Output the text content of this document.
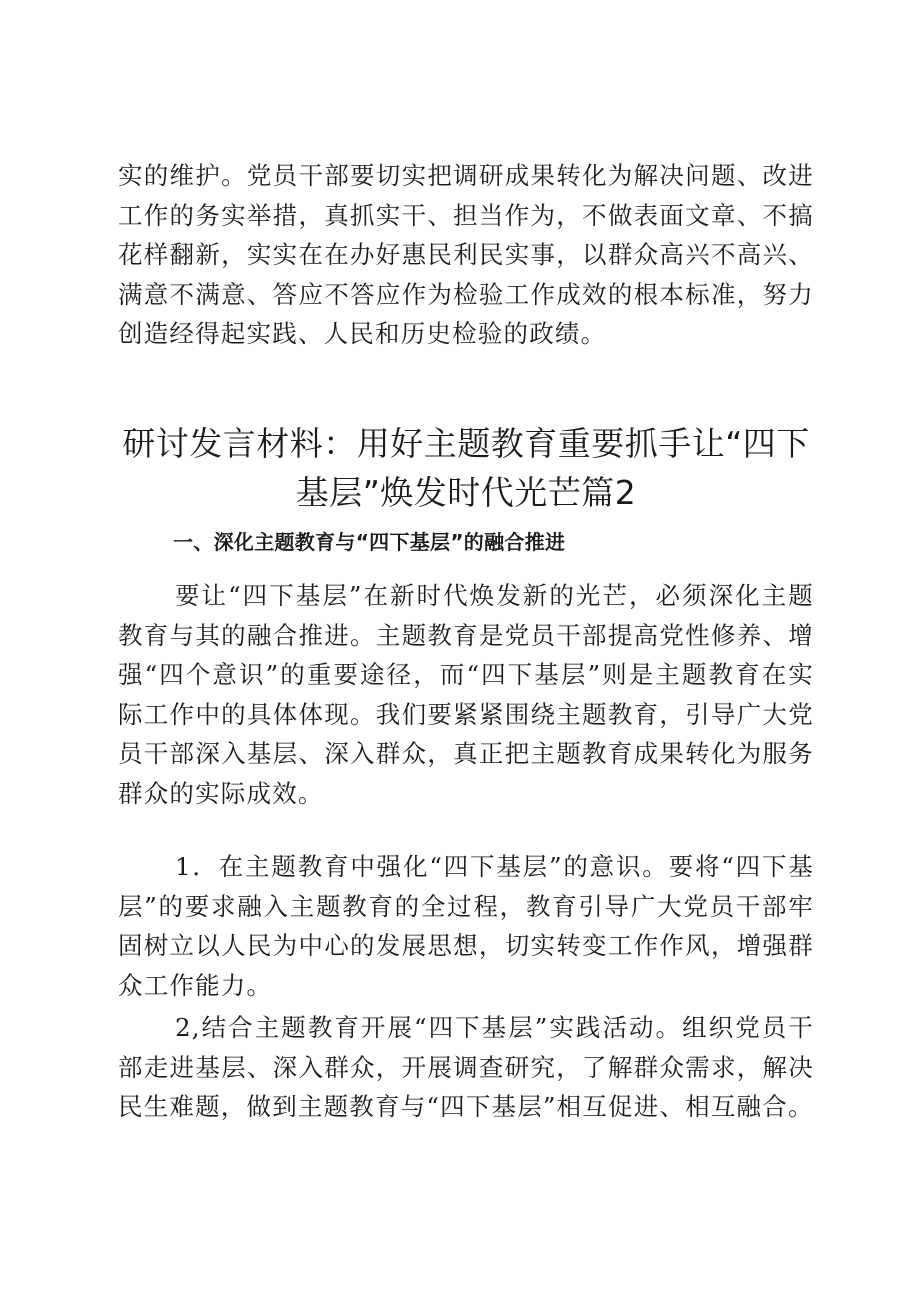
实的维护。党员干部要切实把调研成果转化为解决问题、改进工作的务实举措，真抓实干、担当作为，不做表面文章、不搞花样翻新，实实在在办好惠民利民实事，以群众高兴不高兴、满意不满意、答应不答应作为检验工作成效的根本标准，努力创造经得起实践、人民和历史检验的政绩。

研讨发言材料：用好主题教育重要抓手让“四下基层”焕发时代光芒篇2
一、深化主题教育与“四下基层”的融合推进

要让“四下基层”在新时代焕发新的光芒，必须深化主题教育与其的融合推进。主题教育是党员干部提高党性修养、增强“四个意识”的重要途径，而“四下基层”则是主题教育在实际工作中的具体体现。我们要紧紧围绕主题教育，引导广大党员干部深入基层、深入群众，真正把主题教育成果转化为服务群众的实际成效。

1．在主题教育中强化“四下基层”的意识。要将“四下基层”的要求融入主题教育的全过程，教育引导广大党员干部牢固树立以人民为中心的发展思想，切实转变工作作风，增强群众工作能力。

2,结合主题教育开展“四下基层”实践活动。组织党员干部走进基层、深入群众，开展调查研究，了解群众需求，解决民生难题，做到主题教育与“四下基层”相互促进、相互融合。
